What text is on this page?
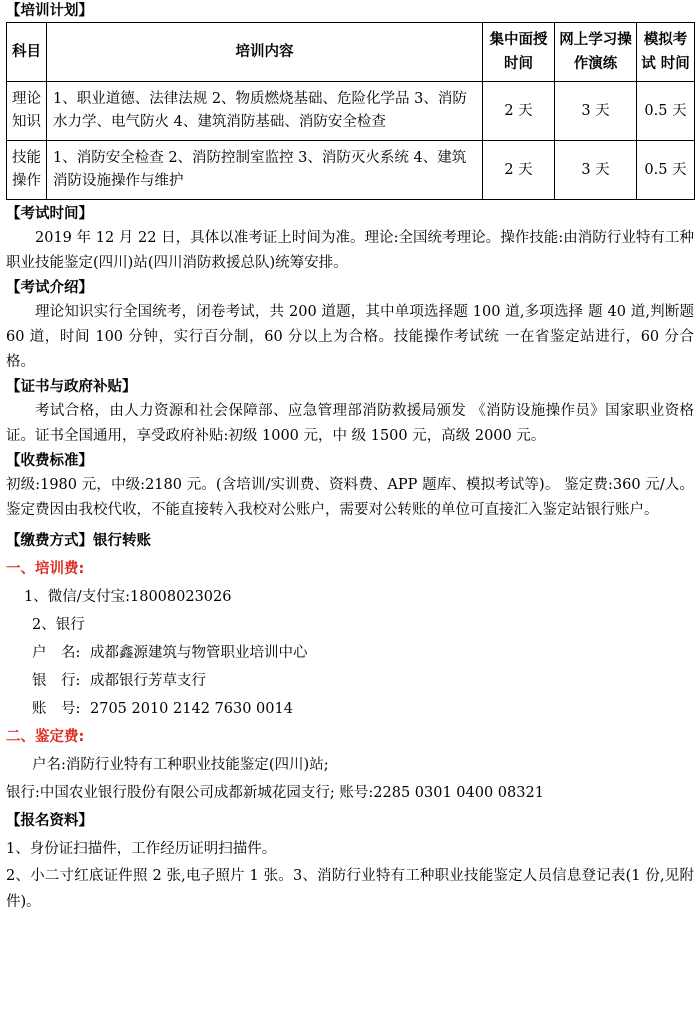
【培训计划】

科目	培训内容	集中面授 时间	网上学习操作演练	模拟考试 时间
理论知识	1、职业道德、法律法规 2、物质燃烧基础、危险化学品 3、消防水力学、电气防火 4、建筑消防基础、消防安全检查	2 天	3 天	0.5 天
技能操作	1、消防安全检查 2、消防控制室监控 3、消防灭火系统 4、建筑消防设施操作与维护	2 天	3 天	0.5 天

【考试时间】

2019 年 12 月 22 日，具体以准考证上时间为准。理论:全国统考理论。操作技能:由消防行业特有工种职业技能鉴定(四川)站(四川消防救援总队)统筹安排。

【考试介绍】

理论知识实行全国统考，闭卷考试，共 200 道题，其中单项选择题 100 道,多项选择 题 40 道,判断题 60 道，时间 100 分钟，实行百分制，60 分以上为合格。技能操作考试统 一在省鉴定站进行，60 分合格。

【证书与政府补贴】

考试合格，由人力资源和社会保障部、应急管理部消防救援局颁发 《消防设施操作员》国家职业资格证。证书全国通用，享受政府补贴:初级 1000 元，中 级 1500 元，高级 2000 元。

【收费标准】

初级:1980 元，中级:2180 元。(含培训/实训费、资料费、APP 题库、模拟考试等)。 鉴定费:360 元/人。鉴定费因由我校代收，不能直接转入我校对公账户，需要对公转账的单位可直接汇入鉴定站银行账户。

【缴费方式】银行转账

一、培训费:

1、微信/支付宝:18008023026

2、银行

户　名: 成都鑫源建筑与物管职业培训中心

银　行: 成都银行芳草支行

账　号: 2705 2010 2142 7630 0014

二、鉴定费:

户名:消防行业特有工种职业技能鉴定(四川)站;

银行:中国农业银行股份有限公司成都新城花园支行; 账号:2285 0301 0400 08321

【报名资料】

1、身份证扫描件，工作经历证明扫描件。

2、小二寸红底证件照 2 张,电子照片 1 张。3、消防行业特有工种职业技能鉴定人员信息登记表(1 份,见附件)。
